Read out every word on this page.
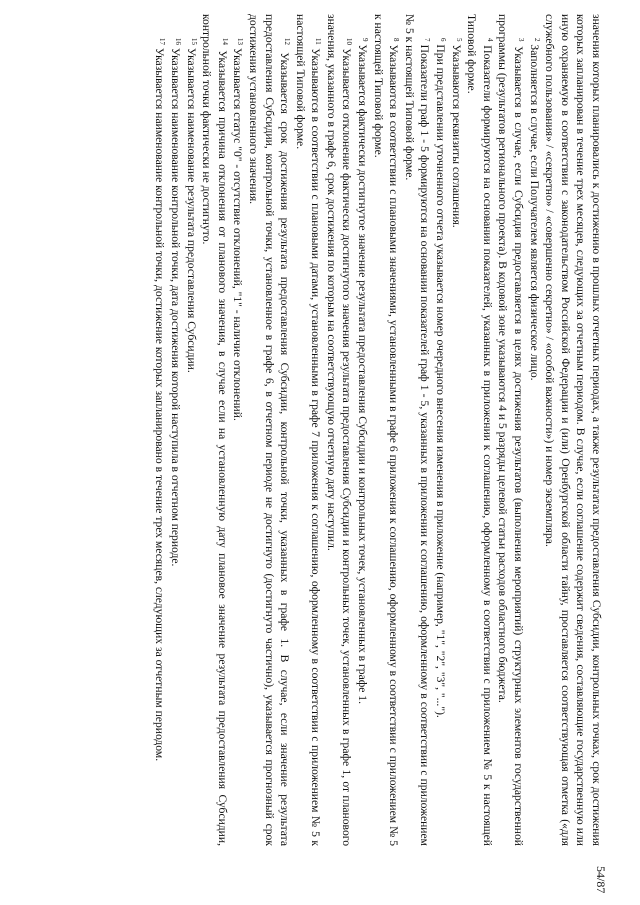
54/87

значения которых планировались к достижению в прошлых отчетных периодах, а также результатах предоставления Субсидии, контрольных точках, срок достижения которых запланирован в течение трех месяцев, следующих за отчетным периодом. В случае, если соглашение содержит сведения, составляющие государственную или иную охраняемую в соответствии с законодательством Российской Федерации и (или) Оренбургской области тайну, проставляется соответствующая отметка («для служебного пользования» / «секретно» / «совершенно секретно» / «особой важности») и номер экземпляра.

$^2$ Заполняется в случае, если Получателем является физическое лицо.

$^3$ Указывается в случае, если Субсидия предоставляется в целях достижения результатов (выполнения мероприятий) структурных элементов государственной программы (результатов регионального проекта). В кодовой зоне указываются 4 и 5 разряды целевой статьи расходов областного бюджета.

$^4$ Показатели формируются на основании показателей, указанных в приложении к соглашению, оформленному в соответствии с приложением № 5 к настоящей Типовой форме.

$^5$ Указываются реквизиты соглашения.

$^6$ При представлении уточненного отчета указывается номер очередного внесения изменения в приложение (например, "1", "2", "3", "...").

$^7$ Показатели граф 1 - 5 формируются на основании показателей граф 1 - 5, указанных в приложении к соглашению, оформленному в соответствии с приложением № 5 к настоящей Типовой форме.

$^8$ Указываются в соответствии с плановыми значениями, установленными в графе 6 приложения к соглашению, оформленному в соответствии с приложением № 5 к настоящей Типовой форме.

$^9$ Указывается фактически достигнутое значение результата предоставления Субсидии и контрольных точек, установленных в графе 1.

$^{10}$ Указывается отклонение фактически достигнутого значения результата предоставления Субсидии и контрольных точек, установленных в графе 1, от планового значения, указанного в графе 6, срок достижения по которым на соответствующую отчетную дату наступил.

$^{11}$ Указываются в соответствии с плановыми датами, установленными в графе 7 приложения к соглашению, оформленному в соответствии с приложением № 5 к настоящей Типовой форме.

$^{12}$ Указывается срок достижения результата предоставления Субсидии, контрольной точки, указанных в графе 1. В случае, если значение результата предоставления Субсидии, контрольной точки, установленное в графе 6, в отчетном периоде не достигнуто (достигнуто частично), указывается прогнозный срок достижения установленного значения.

$^{13}$ Указывается статус "0" - отсутствие отклонений, "1" - наличие отклонений.

$^{14}$ Указывается причина отклонения от планового значения, в случае если на установленную дату плановое значение результата предоставления Субсидии, контрольной точки фактически не достигнуто.

$^{15}$ Указывается наименование результата предоставления Субсидии.

$^{16}$ Указывается наименование контрольной точки, дата достижения которой наступила в отчетном периоде.

$^{17}$ Указывается наименование контрольной точки, достижение которых запланировано в течение трех месяцев, следующих за отчетным периодом.
